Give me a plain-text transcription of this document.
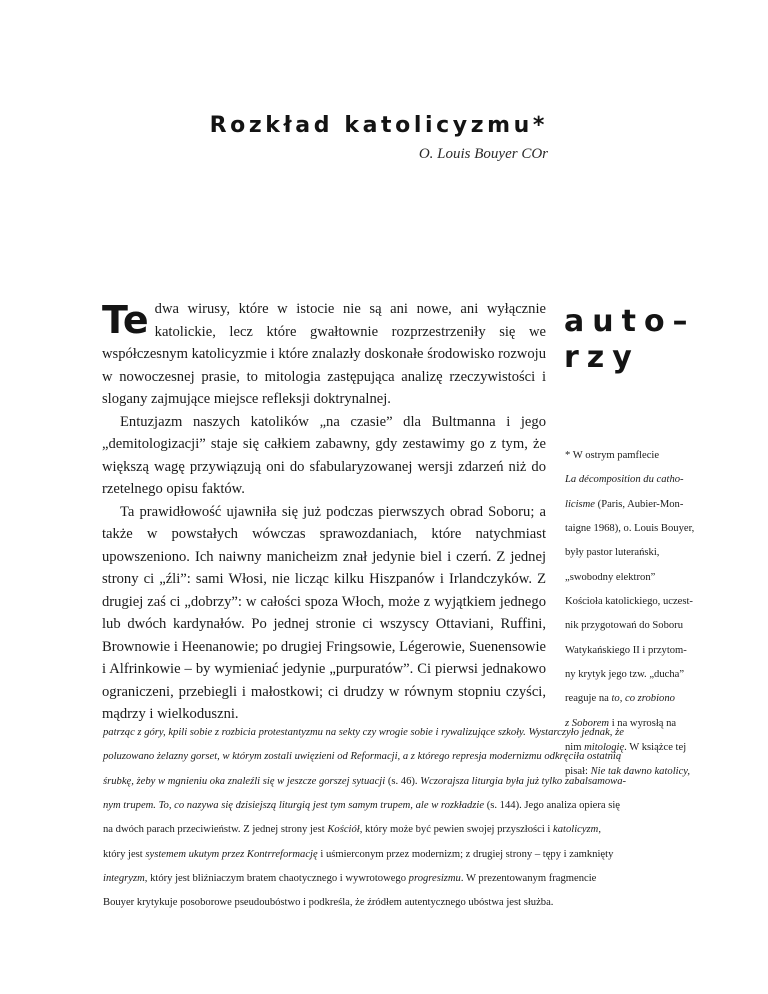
Rozkład katolicyzmu*
O. Louis Bouyer COr

Te dwa wirusy, które w istocie nie są ani nowe, ani wyłącznie katolickie, lecz które gwałtownie rozprzestrzeniły się we współczesnym katolicyzmie i które znalazły doskonałe środowisko rozwoju w nowoczesnej prasie, to mitologia zastępująca analizę rzeczywistości i slogany zajmujące miejsce refleksji doktrynalnej.

Entuzjazm naszych katolików „na czasie” dla Bultmanna i jego „demitologizacji” staje się całkiem zabawny, gdy zestawimy go z tym, że większą wagę przywiązują oni do sfabularyzowanej wersji zdarzeń niż do rzetelnego opisu faktów.

Ta prawidłowość ujawniła się już podczas pierwszych obrad Soboru; a także w powstałych wówczas sprawozdaniach, które natychmiast upowszeniono. Ich naiwny manicheizm znał jedynie biel i czerń. Z jednej strony ci „źli”: sami Włosi, nie licząc kilku Hiszpanów i Irlandczyków. Z drugiej zaś ci „dobrzy”: w całości spoza Włoch, może z wyjątkiem jednego lub dwóch kardynałów. Po jednej stronie ci wszyscy Ottaviani, Ruffini, Brownowie i Heenanowie; po drugiej Fringsowie, Légerowie, Suenensowie i Alfrinkowie – by wymieniać jedynie „purpuratów”. Ci pierwsi jednakowo ograniczeni, przebiegli i małostkowi; ci drudzy w równym stopniu czyści, mądrzy i wielkoduszni.

auto–
rzy
* W ostrym pamflecie
La décomposition du catho-
licisme (Paris, Aubier-Mon-
taigne 1968), o. Louis Bouyer,
były pastor luterański,
„swobodny elektron”
Kościoła katolickiego, uczest-
nik przygotowań do Soboru
Watykańskiego II i przytom-
ny krytyk jego tzw. „ducha”
reaguje na to, co zrobiono
z Soborem i na wyrosłą na
nim mitologię. W książce tej
pisał: Nie tak dawno katolicy,
patrząc z góry, kpili sobie z rozbicia protestantyzmu na sekty czy wrogie sobie i rywalizujące szkoły. Wystarczyło jednak, że
poluzowano żelazny gorset, w którym zostali uwięzieni od Reformacji, a z którego represja modernizmu odkręciła ostatnią
śrubkę, żeby w mgnieniu oka znaleźli się w jeszcze gorszej sytuacji (s. 46). Wczorajsza liturgia była już tylko zabalsamowa-
nym trupem. To, co nazywa się dzisiejszą liturgią jest tym samym trupem, ale w rozkładzie (s. 144). Jego analiza opiera się
na dwóch parach przeciwieństw. Z jednej strony jest Kościół, który może być pewien swojej przyszłości i katolicyzm,
który jest systemem ukutym przez Kontrreformację i uśmierconym przez modernizm; z drugiej strony – tępy i zamknięty
integryzm, który jest bliźniaczym bratem chaotycznego i wywrotowego progresizmu. W prezentowanym fragmencie
Bouyer krytykuje posoborowe pseudoubóstwo i podkreśla, że źródłem autentycznego ubóstwa jest służba.
